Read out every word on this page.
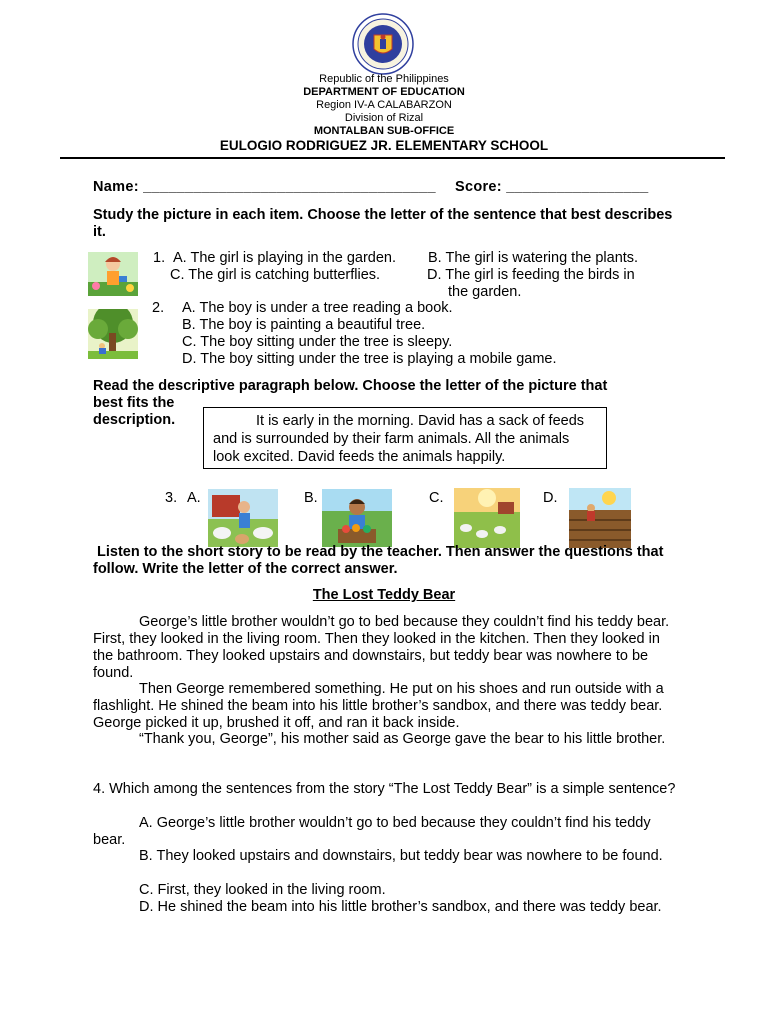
Republic of the Philippines
DEPARTMENT OF EDUCATION
Region IV-A CALABARZON
Division of Rizal
MONTALBAN SUB-OFFICE
EULOGIO RODRIGUEZ JR. ELEMENTARY SCHOOL
Name: ___________________________________ Score: _________________
Study the picture in each item. Choose the letter of the sentence that best describes it.
1. A. The girl is playing in the garden. B. The girl is watering the plants.
C. The girl is catching butterflies.	D. The girl is feeding the birds in
the garden.
2. A. The boy is under a tree reading a book.
B. The boy is painting a beautiful tree.
C. The boy sitting under the tree is sleepy.
D. The boy sitting under the tree is playing a mobile game.
Read the descriptive paragraph below. Choose the letter of the picture that
best fits the
description.	It is early in the morning. David has a sack of feeds and is surrounded by their farm animals. All the animals look excited. David feeds the animals happily.
3. A.	B.	C.	D.
Listen to the short story to be read by the teacher. Then answer the questions that follow. Write the letter of the correct answer.
The Lost Teddy Bear
George’s little brother wouldn’t go to bed because they couldn’t find his teddy bear. First, they looked in the living room. Then they looked in the kitchen. Then they looked in the bathroom. They looked upstairs and downstairs, but teddy bear was nowhere to be found.
Then George remembered something. He put on his shoes and run outside with a flashlight. He shined the beam into his little brother’s sandbox, and there was teddy bear. George picked it up, brushed it off, and ran it back inside.
“Thank you, George”, his mother said as George gave the bear to his little brother.
4. Which among the sentences from the story “The Lost Teddy Bear” is a simple sentence?
A. George’s little brother wouldn’t go to bed because they couldn’t find his teddy bear.
B. They looked upstairs and downstairs, but teddy bear was nowhere to be found.
C. First, they looked in the living room.
D. He shined the beam into his little brother’s sandbox, and there was teddy bear.
